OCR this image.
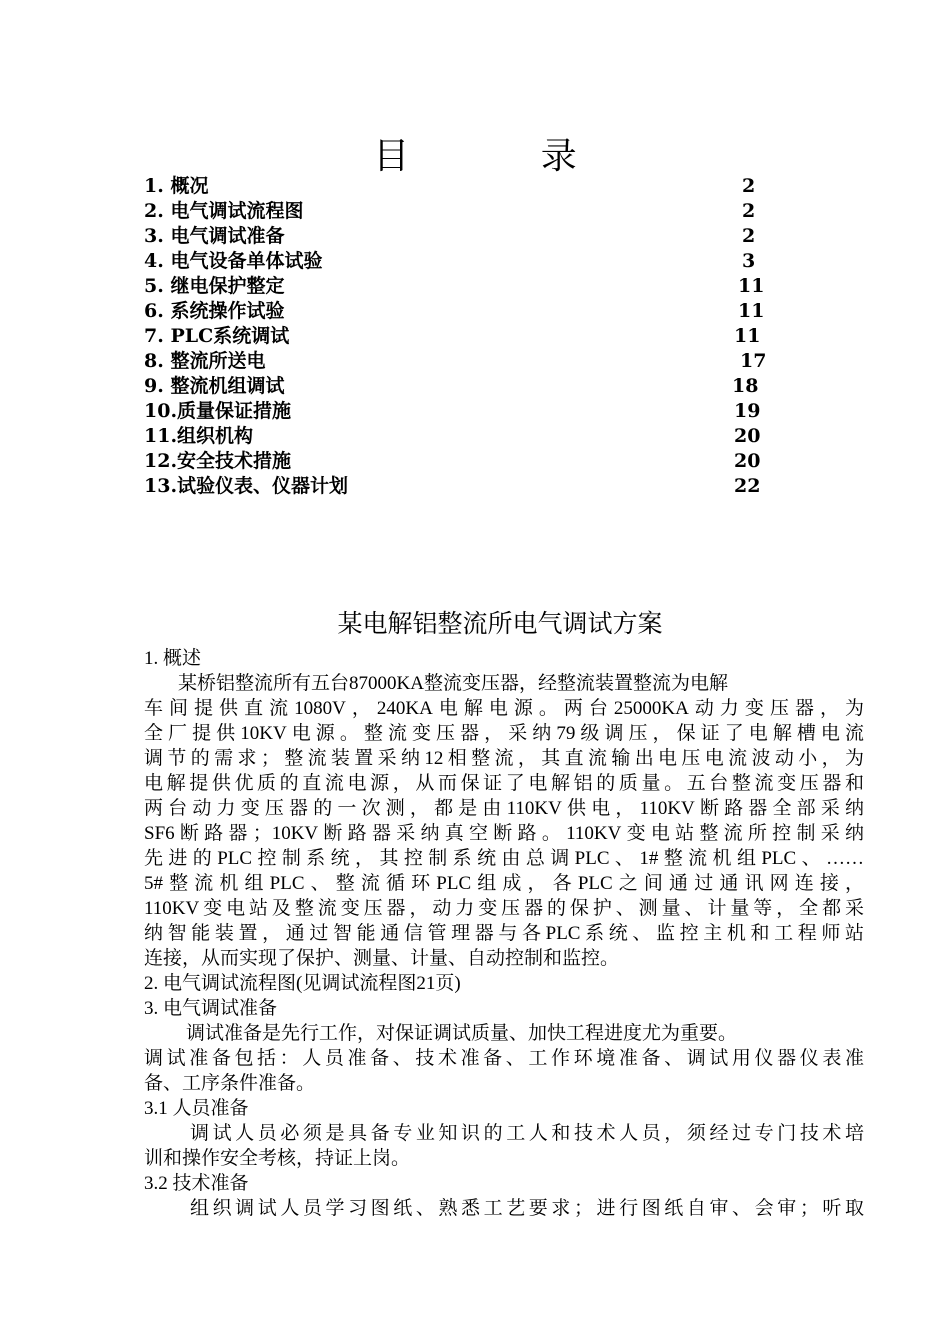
目 录
1. 概况	2
2. 电气调试流程图	2
3. 电气调试准备	2
4. 电气设备单体试验	3
5. 继电保护整定	11
6. 系统操作试验	11
7. PLC系统调试	11
8. 整流所送电	17
9. 整流机组调试	18
10.质量保证措施	19
11.组织机构	20
12.安全技术措施	20
13.试验仪表、仪器计划	22
某电解铝整流所电气调试方案
1. 概述
某桥铝整流所有五台87000KA整流变压器，经整流装置整流为电解
车间提供直流1080V，240KA电解电源。两台25000KA动力变压器，为
全厂提供10KV电源。整流变压器，采纳79级调压，保证了电解槽电流
调节的需求；整流装置采纳12相整流，其直流输出电压电流波动小，为
电解提供优质的直流电源，从而保证了电解铝的质量。五台整流变压器和
两台动力变压器的一次测，都是由110KV供电，110KV断路器全部采纳
SF6断路器；10KV断路器采纳真空断路。110KV变电站整流所控制采纳
先进的PLC控制系统，其控制系统由总调PLC、1#整流机组PLC、……
5#整流机组PLC、整流循环PLC组成，各PLC之间通过通讯网连接，
110KV变电站及整流变压器，动力变压器的保护、测量、计量等，全都采
纳智能装置，通过智能通信管理器与各PLC系统、监控主机和工程师站
连接，从而实现了保护、测量、计量、自动控制和监控。
2. 电气调试流程图(见调试流程图21页)
3. 电气调试准备
调试准备是先行工作，对保证调试质量、加快工程进度尤为重要。
调试准备包括：人员准备、技术准备、工作环境准备、调试用仪器仪表准
备、工序条件准备。
3.1 人员准备
调试人员必须是具备专业知识的工人和技术人员，须经过专门技术培
训和操作安全考核，持证上岗。
3.2 技术准备
组织调试人员学习图纸、熟悉工艺要求；进行图纸自审、会审；听取
